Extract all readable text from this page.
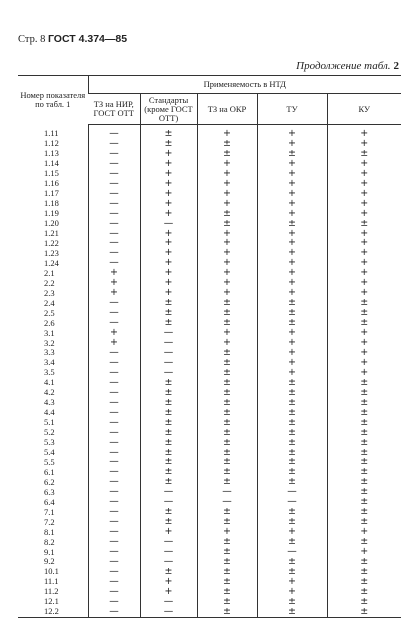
Стр. 8 ГОСТ 4.374—85
Продолжение табл. 2
Номер показателя по табл. 1	Применяемость в НТД				
	ТЗ на НИР, ГОСТ ОТТ	Стандарты (кроме ГОСТ ОТТ)	ТЗ на ОКР	ТУ	КУ
1.11	—	±	+	+	+
1.12	—	±	±	+	+
1.13	—	+	±	±	±
1.14	—	+	+	+	+
1.15	—	+	+	+	+
1.16	—	+	+	+	+
1.17	—	+	+	+	+
1.18	—	+	+	+	+
1.19	—	+	±	+	+
1.20	—	—	±	±	±
1.21	—	+	+	+	+
1.22	—	+	+	+	+
1.23	—	+	+	+	+
1.24	—	+	+	+	+
2.1	+	+	+	+	+
2.2	+	+	+	+	+
2.3	+	+	+	+	+
2.4	—	±	±	±	±
2.5	—	±	±	±	±
2.6	—	±	±	±	±
3.1	+	—	+	+	+
3.2	+	—	+	+	+
3.3	—	—	±	+	+
3.4	—	—	±	+	+
3.5	—	—	±	+	+
4.1	—	±	±	±	±
4.2	—	±	±	±	±
4.3	—	±	±	±	±
4.4	—	±	±	±	±
5.1	—	±	±	±	±
5.2	—	±	±	±	±
5.3	—	±	±	±	±
5.4	—	±	±	±	±
5.5	—	±	±	±	±
6.1	—	±	±	±	±
6.2	—	±	±	±	±
6.3	—	—	—	—	±
6.4	—	—	—	—	±
7.1	—	±	±	±	±
7.2	—	±	±	±	±
8.1	—	+	+	+	+
8.2	—	—	±	±	±
9.1	—	—	±	—	+
9.2	—	—	±	±	±
10.1	—	±	±	±	±
11.1	—	+	±	+	±
11.2	—	+	±	+	±
12.1	—	—	±	±	±
12.2	—	—	±	±	±
